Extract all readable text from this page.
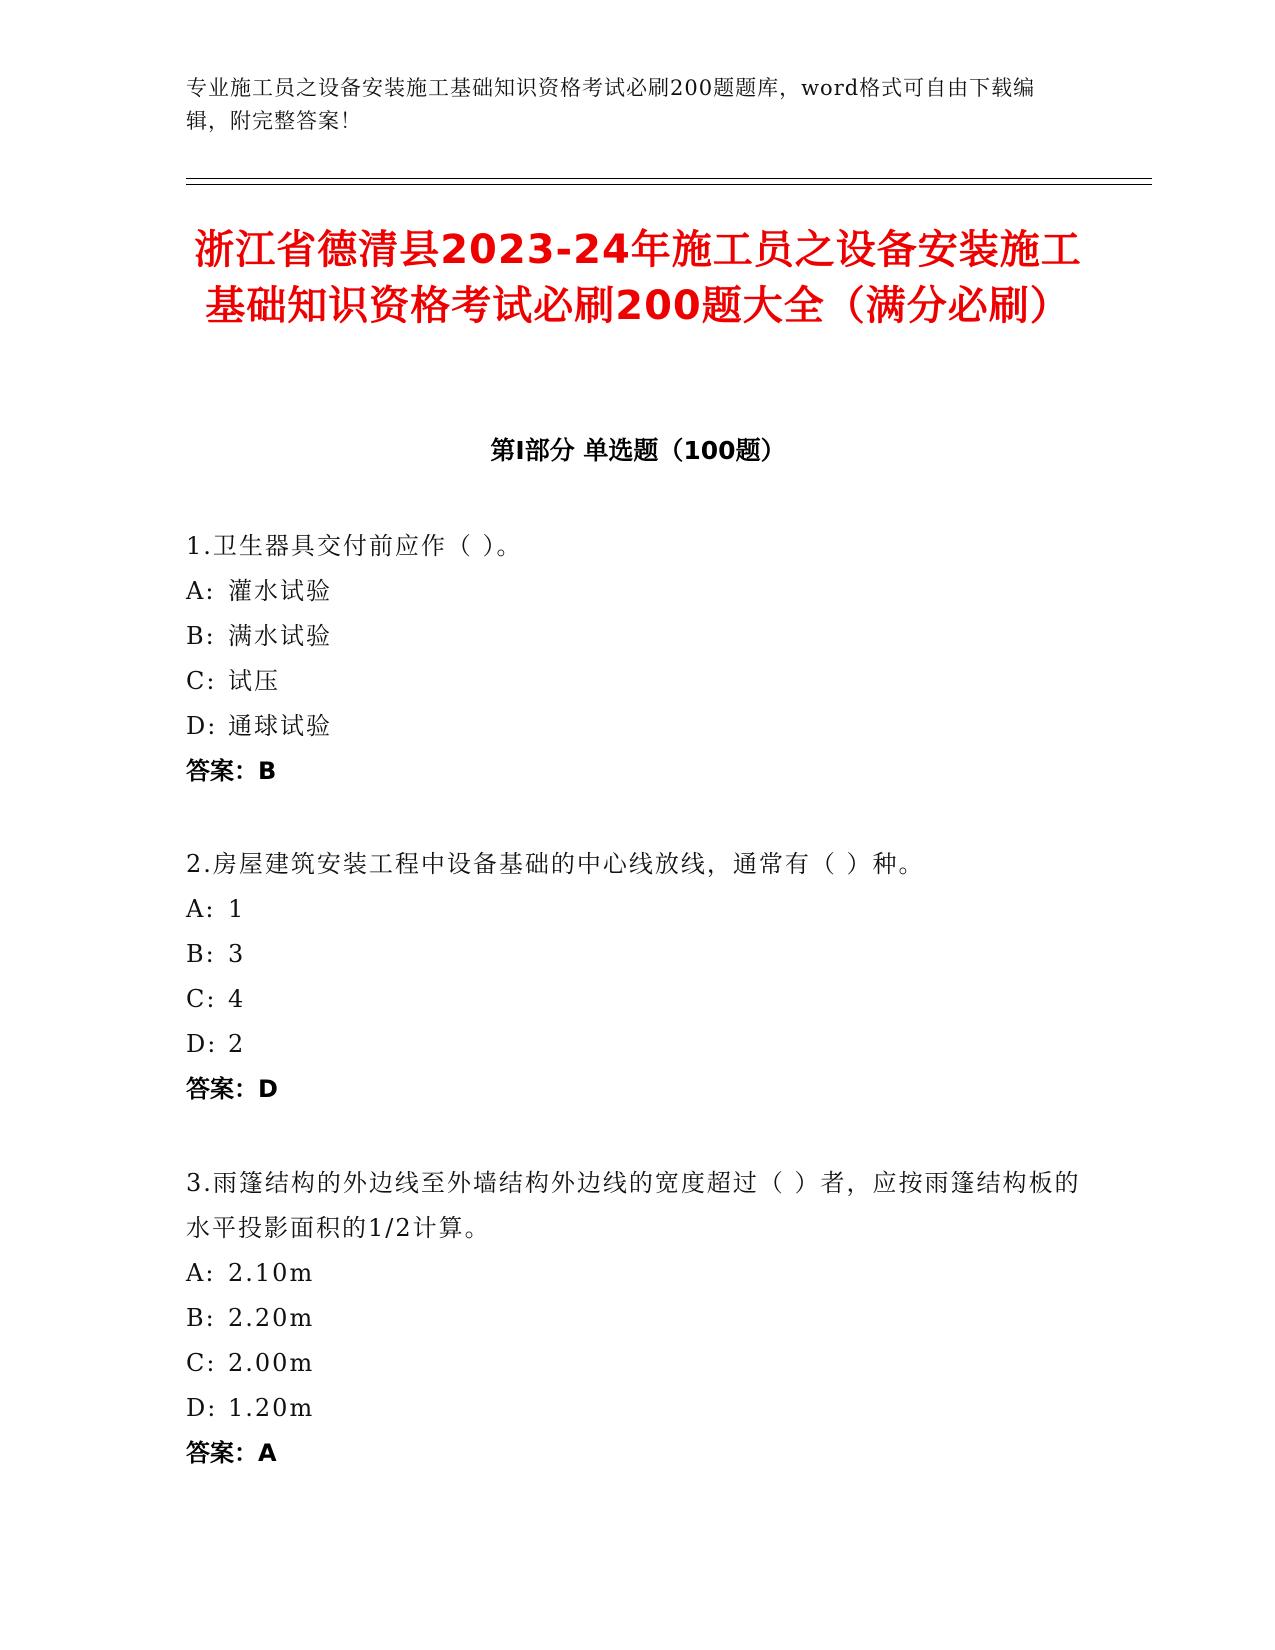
专业施工员之设备安装施工基础知识资格考试必刷200题题库，word格式可自由下载编辑，附完整答案！
浙江省德清县2023-24年施工员之设备安装施工基础知识资格考试必刷200题大全（满分必刷）
第I部分 单选题（100题）
1.卫生器具交付前应作（ ）。
A: 灌水试验
B: 满水试验
C: 试压
D: 通球试验
答案：B
2.房屋建筑安装工程中设备基础的中心线放线，通常有（ ）种。
A: 1
B: 3
C: 4
D: 2
答案：D
3.雨篷结构的外边线至外墙结构外边线的宽度超过（ ）者，应按雨篷结构板的水平投影面积的1/2计算。
A: 2.10m
B: 2.20m
C: 2.00m
D: 1.20m
答案：A
